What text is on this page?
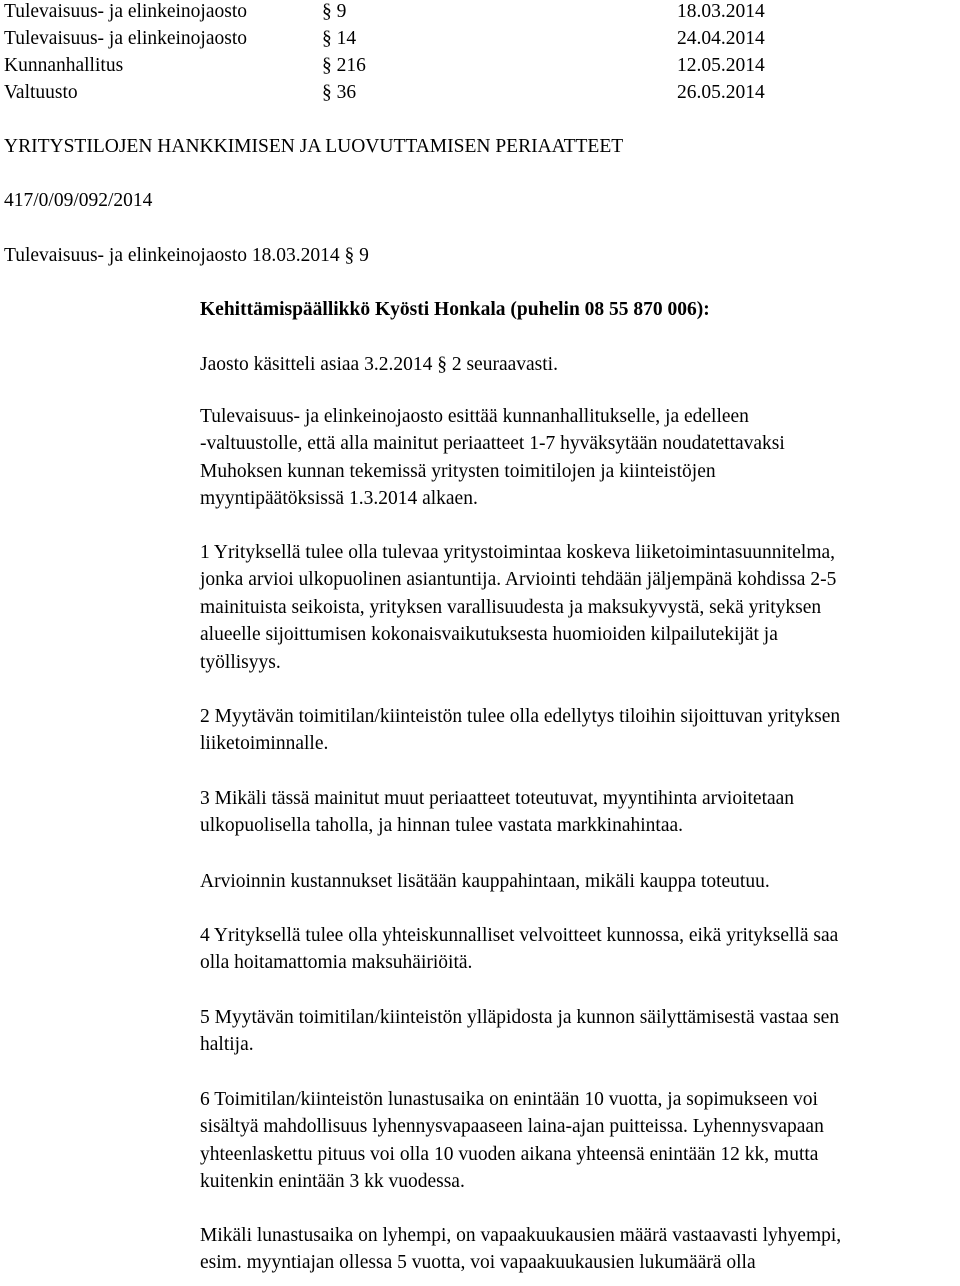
Tulevaisuus- ja elinkeinojaosto	§ 9	18.03.2014
Tulevaisuus- ja elinkeinojaosto	§ 14	24.04.2014
Kunnanhallitus	§ 216	12.05.2014
Valtuusto	§ 36	26.05.2014
YRITYSTILOJEN HANKKIMISEN JA LUOVUTTAMISEN PERIAATTEET
417/0/09/092/2014
Tulevaisuus- ja elinkeinojaosto 18.03.2014 § 9
Kehittämispäällikkö Kyösti Honkala (puhelin 08 55 870 006):
Jaosto käsitteli asiaa 3.2.2014 § 2 seuraavasti.

Tulevaisuus- ja elinkeinojaosto esittää kunnanhallitukselle, ja edelleen
-valtuustolle, että alla mainitut periaatteet 1-7 hyväksytään noudatettavaksi
Muhoksen kunnan tekemissä yritysten toimitilojen ja kiinteistöjen
myyntipäätöksissä 1.3.2014 alkaen.

1 Yrityksellä tulee olla tulevaa yritystoimintaa koskeva liiketoimintasuunnitelma,
jonka arvioi ulkopuolinen asiantuntija. Arviointi tehdään jäljempänä kohdissa 2-5
mainituista seikoista, yrityksen varallisuudesta ja maksukyvystä, sekä yrityksen
alueelle sijoittumisen kokonaisvaikutuksesta huomioiden kilpailutekijät ja
työllisyys.

2 Myytävän toimitilan/kiinteistön tulee olla edellytys tiloihin sijoittuvan yrityksen
liiketoiminnalle.

3 Mikäli tässä mainitut muut periaatteet toteutuvat, myyntihinta arvioitetaan
ulkopuolisella taholla, ja hinnan tulee vastata markkinahintaa.

Arvioinnin kustannukset lisätään kauppahintaan, mikäli kauppa toteutuu.

4 Yrityksellä tulee olla yhteiskunnalliset velvoitteet kunnossa, eikä yrityksellä saa
olla hoitamattomia maksuhäiriöitä.

5 Myytävän toimitilan/kiinteistön ylläpidosta ja kunnon säilyttämisestä vastaa sen
haltija.

6 Toimitilan/kiinteistön lunastusaika on enintään 10 vuotta, ja sopimukseen voi
sisältyä mahdollisuus lyhennysvapaaseen laina-ajan puitteissa. Lyhennysvapaan
yhteenlaskettu pituus voi olla 10 vuoden aikana yhteensä enintään 12 kk, mutta
kuitenkin enintään 3 kk vuodessa.

Mikäli lunastusaika on lyhempi, on vapaakuukausien määrä vastaavasti lyhyempi,
esim. myyntiajan ollessa 5 vuotta, voi vapaakuukausien lukumäärä olla
